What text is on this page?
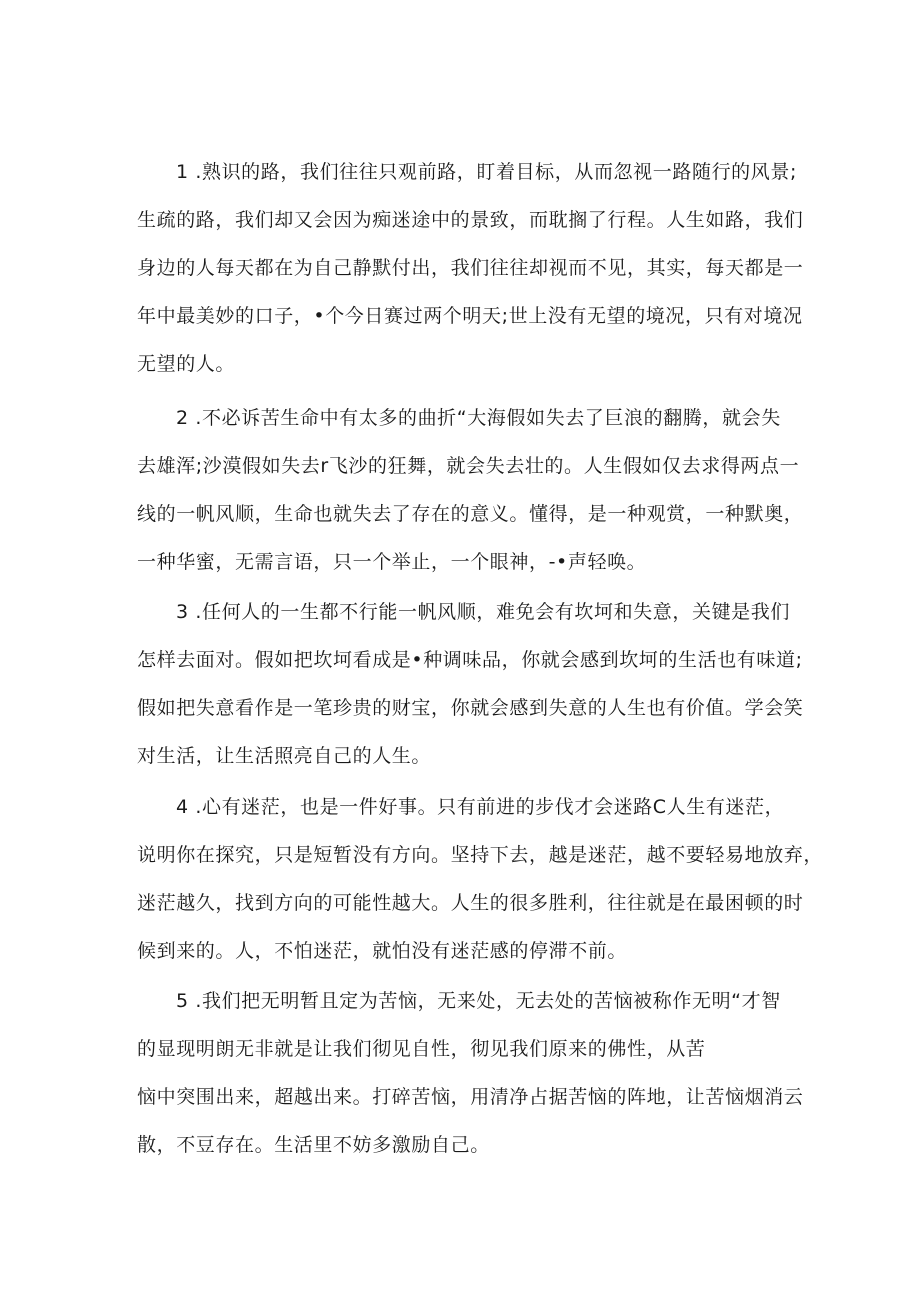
1 .熟识的路，我们往往只观前路，盯着目标，从而忽视一路随行的风景;
生疏的路，我们却又会因为痴迷途中的景致，而耽搁了行程。人生如路，我们
身边的人每天都在为自己静默付出，我们往往却视而不见，其实，每天都是一
年中最美妙的口子，•个今日赛过两个明天;世上没有无望的境况，只有对境况
无望的人。
2 .不必诉苦生命中有太多的曲折“大海假如失去了巨浪的翻腾，就会失
去雄浑;沙漠假如失去r飞沙的狂舞，就会失去壮的。人生假如仅去求得两点一
线的一帆风顺，生命也就失去了存在的意义。懂得，是一种观赏，一种默奥，
一种华蜜，无需言语，只一个举止，一个眼神，-•声轻唤。
3 .任何人的一生都不行能一帆风顺，难免会有坎坷和失意，关键是我们
怎样去面对。假如把坎坷看成是•种调味品，你就会感到坎坷的生活也有味道;
假如把失意看作是一笔珍贵的财宝，你就会感到失意的人生也有价值。学会笑
对生活，让生活照亮自己的人生。
4 .心有迷茫，也是一件好事。只有前进的步伐才会迷路C人生有迷茫，
说明你在探究，只是短暂没有方向。坚持下去，越是迷茫，越不要轻易地放弃，
迷茫越久，找到方向的可能性越大。人生的很多胜利，往往就是在最困顿的时
候到来的。人，不怕迷茫，就怕没有迷茫感的停滞不前。
5 .我们把无明暂且定为苦恼，无来处，无去处的苦恼被称作无明“才智
的显现明朗无非就是让我们彻见自性，彻见我们原来的佛性，从苦
恼中突围出来，超越出来。打碎苦恼，用清净占据苦恼的阵地，让苦恼烟消云
散，不豆存在。生活里不妨多激励自己。
